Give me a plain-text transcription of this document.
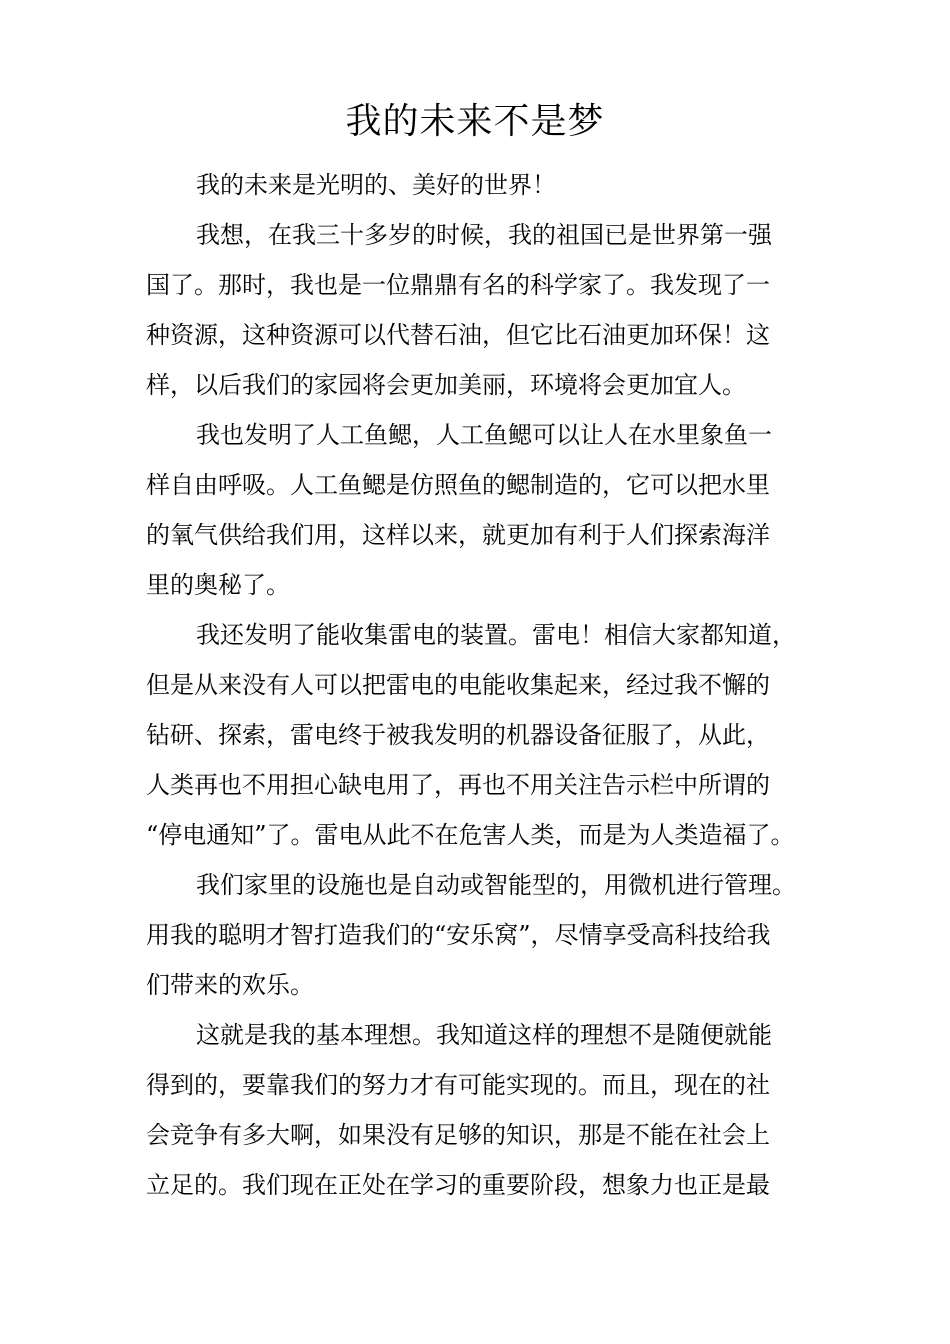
我的未来不是梦
我的未来是光明的、美好的世界！
我想，在我三十多岁的时候，我的祖国已是世界第一强
国了。那时，我也是一位鼎鼎有名的科学家了。我发现了一
种资源，这种资源可以代替石油，但它比石油更加环保！这
样，以后我们的家园将会更加美丽，环境将会更加宜人。
我也发明了人工鱼鳃，人工鱼鳃可以让人在水里象鱼一
样自由呼吸。人工鱼鳃是仿照鱼的鳃制造的，它可以把水里
的氧气供给我们用，这样以来，就更加有利于人们探索海洋
里的奥秘了。
我还发明了能收集雷电的装置。雷电！相信大家都知道，
但是从来没有人可以把雷电的电能收集起来，经过我不懈的
钻研、探索，雷电终于被我发明的机器设备征服了，从此，
人类再也不用担心缺电用了，再也不用关注告示栏中所谓的
“停电通知”了。雷电从此不在危害人类，而是为人类造福了。
我们家里的设施也是自动或智能型的，用微机进行管理。
用我的聪明才智打造我们的“安乐窝”，尽情享受高科技给我
们带来的欢乐。
这就是我的基本理想。我知道这样的理想不是随便就能
得到的，要靠我们的努力才有可能实现的。而且，现在的社
会竞争有多大啊，如果没有足够的知识，那是不能在社会上
立足的。我们现在正处在学习的重要阶段，想象力也正是最
